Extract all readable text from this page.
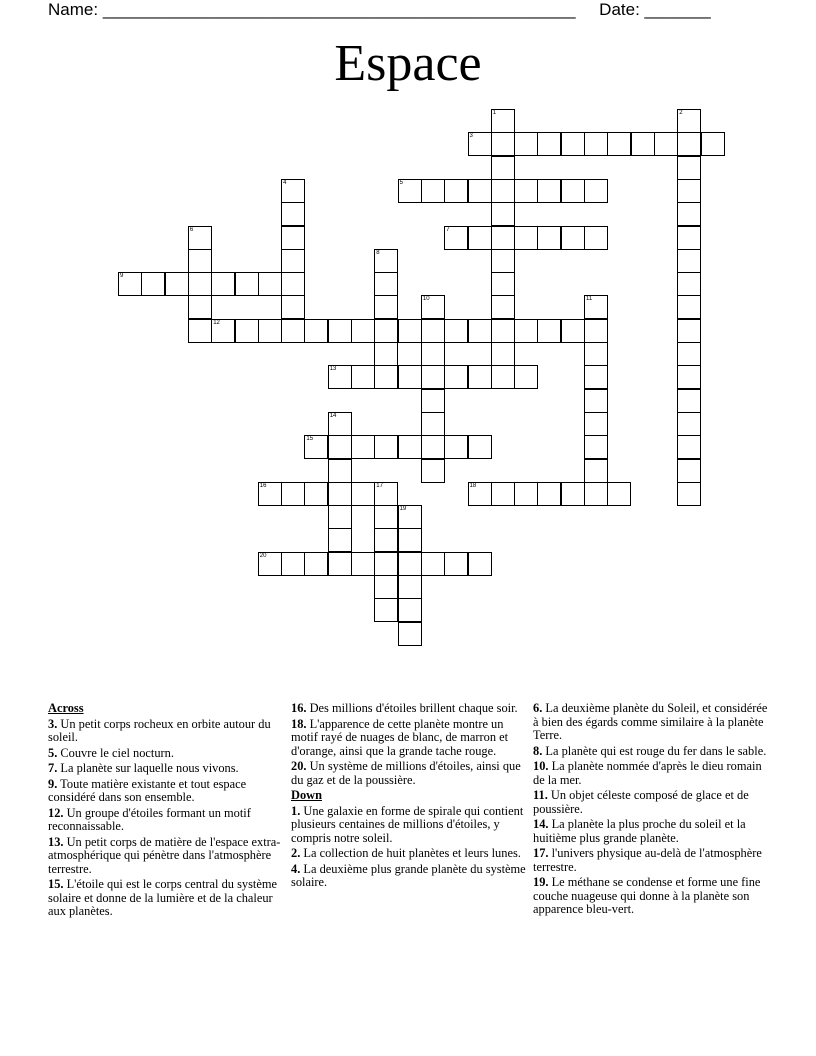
Name: __________________________________________________ Date: _______
Espace
1	2
3
4	5
6	7
8
9
10	11
12
13
14
15
16	17	18
19
20
Across
3. Un petit corps rocheux en orbite autour du soleil.
5. Couvre le ciel nocturn.
7. La planète sur laquelle nous vivons.
9. Toute matière existante et tout espace considéré dans son ensemble.
12. Un groupe d'étoiles formant un motif reconnaissable.
13. Un petit corps de matière de l'espace extra-atmosphérique qui pénètre dans l'atmosphère terrestre.
15. L'étoile qui est le corps central du système solaire et donne de la lumière et de la chaleur aux planètes.
16. Des millions d'étoiles brillent chaque soir.
18. L'apparence de cette planète montre un motif rayé de nuages de blanc, de marron et d'orange, ainsi que la grande tache rouge.
20. Un système de millions d'étoiles, ainsi que du gaz et de la poussière.
Down
1. Une galaxie en forme de spirale qui contient plusieurs centaines de millions d'étoiles, y compris notre soleil.
2. La collection de huit planètes et leurs lunes.
4. La deuxième plus grande planète du système solaire.
6. La deuxième planète du Soleil, et considérée à bien des égards comme similaire à la planète Terre.
8. La planète qui est rouge du fer dans le sable.
10. La planète nommée d'après le dieu romain de la mer.
11. Un objet céleste composé de glace et de poussière.
14. La planète la plus proche du soleil et la huitième plus grande planète.
17. l'univers physique au-delà de l'atmosphère terrestre.
19. Le méthane se condense et forme une fine couche nuageuse qui donne à la planète son apparence bleu-vert.
